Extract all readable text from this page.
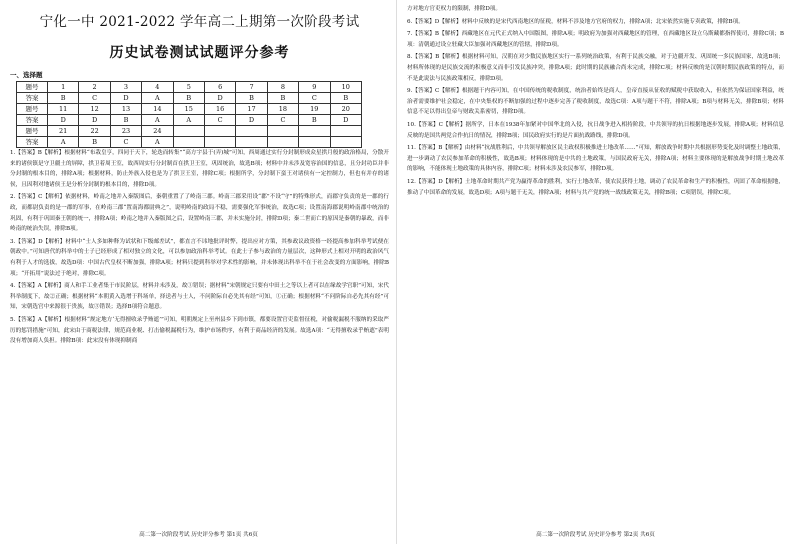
宁化一中 2021-2022 学年高二上期第一次阶段考试
历史试卷测试试题评分参考
一、选择题
题号	1	2	3	4	5	6	7	8	9	10
答案	B	C	D	A	B	D	B	B	C	B
题号	11	12	13	14	15	16	17	18	19	20
答案	D	D	B	A	A	C	D	C	B	D
题号	21	22	23	24						
答案	A	B	C	A						

1.【答案】B【解析】根据材料“布栽皇亨，四同于天下，轮迭而转集”“高方宇县于(弄)城”可知，西周通过实行分封制形成众星拱月般的政治格局，分散开来的诸侯镇是守卫疆土的屏障，拱卫着周王室，故西周实行分封制首在拱卫王室，巩固统治，故选B项；材料中并未涉及宽容治国的信息，且分封功臣并非分封制的根本目的，排除A项；根据材料，防止外族入侵也是为了拱卫王室，排除C项；根据所学，分封制下蛮王对诸侯有一定控制力，但也有并存的诸侯，且因利对地诸侯王是分析分封制的根本目的，排除D项。

2.【答案】C【解析】依据材料，岭南之地并入秦版图后，秦朝重置了了岭南三郡。岭南三郡采用设“郡”不设“守”的特殊形式，而郡守负责的是一郡的行政，而都尉负责的是一郡的军事，在岭南三郡“置南海都尉典之”，说明岭南的政局不稳，需要强化军事统治，故选C项；设置南海郡说明岭南郡中统治的巩固，有利于巩固秦王朝的统一，排除A项；岭南之地并入秦版图之后，设置岭南三郡，并未实施分封，排除D项；秦二世而亡的原因是秦朝的暴政，而非岭南的统治失误，排除B项。

3.【答案】D【解析】材料中“士人多如种释为试状和下级邮差试”，都直言不讳地批评时弊，提出应对方策，其参政议政资格一经提高参加科举考试便在朝政中。”可知唐代的科举中的士子已经形成了相对独立的文化，可以参加政治科举考试。在此士子参与政治的力量层次，这种形式上相对开明的政治风气有利于人才的选拔，故选D项：中国古代皇权不断加强，排除A项；材料只提到科举对学术性的影响，并未体现出科举不在于社会改变的方面影响，排除B项；“开拓用”说法过于绝对，排除C项。

4.【答案】A【解析】商人和手工业者集于市民阶层，材料并未涉及，故①错误；据材料“宋朝规定只要有中田土之等以上者可以在缘故学官职”可知，宋代科举制度下，故②正确；根据材料“本朝黄入选增于科场单，择送者与士人，不问阶际自必先其有经”可知，①正确；根据材料“不问阶际自必先其有经”可知，宋朝选官中来源很于贵族，故③错误；选择B项符合题意。

5.【答案】A【解析】根据材料“规定地方‘无得擅收录乎贿遮’”可知，明朝规定上至州县乡下到市镇，都要设置官吏监督征税，对偷税漏税不服纳的采取严厉的惩罚措施”可知，此宋由于商税法律，规范商业税、打击偷税漏税行为，维护市场秩序，有利于商品经济的发展。故选A项：“无得擅收录乎贿遮”表明没有增加商人负担。排除B项：此宋没有体现抑制商

高二第一次阶段考试 历史评分参考 第1页 共6页

方对地方官吏权力的限制，排除D项。

6.【答案】D【解析】材料中反映的是宋代西南地区的征税，材料不涉及地方官府的权力，排除A项；北宋依然实施专卖政策，排除B项。

7.【答案】B【解析】西藏地区在元代正式纳入中国版图，排除A项；明政府为加强对西藏地区的管理，在西藏地区设立乌斯藏都指挥使司，排除C项；B项：清朝通过设立驻藏大臣加强对西藏地区的管辖，排除D项。

8.【答案】B【解析】根据材料可知，汉朝在对少数民族地区实行一系列统治政策，有利于民族交融，对于边疆开发、巩固统一多民族国家，故选B项；材料所体现的是民族交流的积极意义而非引发民族冲突，排除A项；此时期的民族融合尚未完成，排除C项；材料反映的是汉朝时期民族政策的特点，而不是此说法与民族政策相反，排除D项。

9.【答案】C【解析】根据题干内容可知，在中国传统的税收制度，统治者始终是商人，皇帝直接从征收的赋税中获取收入，但依然为保证国家利益，统治者需要维护社会稳定，在中央集权的不断加强的过程中逐步完善了税收制度，故选C项：A项与题干不符，排除A项；B项与材料无关，排除B项；材料信息不足以得出皇帝与财政关系密切，排除D项。

10.【答案】C【解析】据所学，日本在1938年加紧对中国华北的入侵，抗日战争进入相持阶段，中共领导的抗日根据地逐步发展，排除A项；材料信息反映的是国共两党合作抗日的情况，排除B项；国民政府实行的是片面抗战路线，排除D项。

11.【答案】B【解析】由材料“抗战胜利后，中共领导解放区民主政权积极推进土地改革……”可知，解放战争时期中共根据形势变化及时调整土地政策，进一步调动了农民参加革命的积极性，故选B项；材料体现的是中共的土地政策，与国民政府无关，排除A项；材料主要体现的是解放战争时期土地改革的影响，不能体现土地政策的具体内容，排除C项；材料未涉及农民参军，排除D项。

12.【答案】D【解析】土地革命时期共产党为赢得革命的胜利，实行土地改革，使农民获得土地，调动了农民革命和生产的积极性，巩固了革命根据地，推动了中国革命的发展，故选D项；A项与题干无关，排除A项；材料与共产党的统一战线政策无关，排除B项；C项错误，排除C项。

高二第一次阶段考试 历史评分参考 第2页 共6页
